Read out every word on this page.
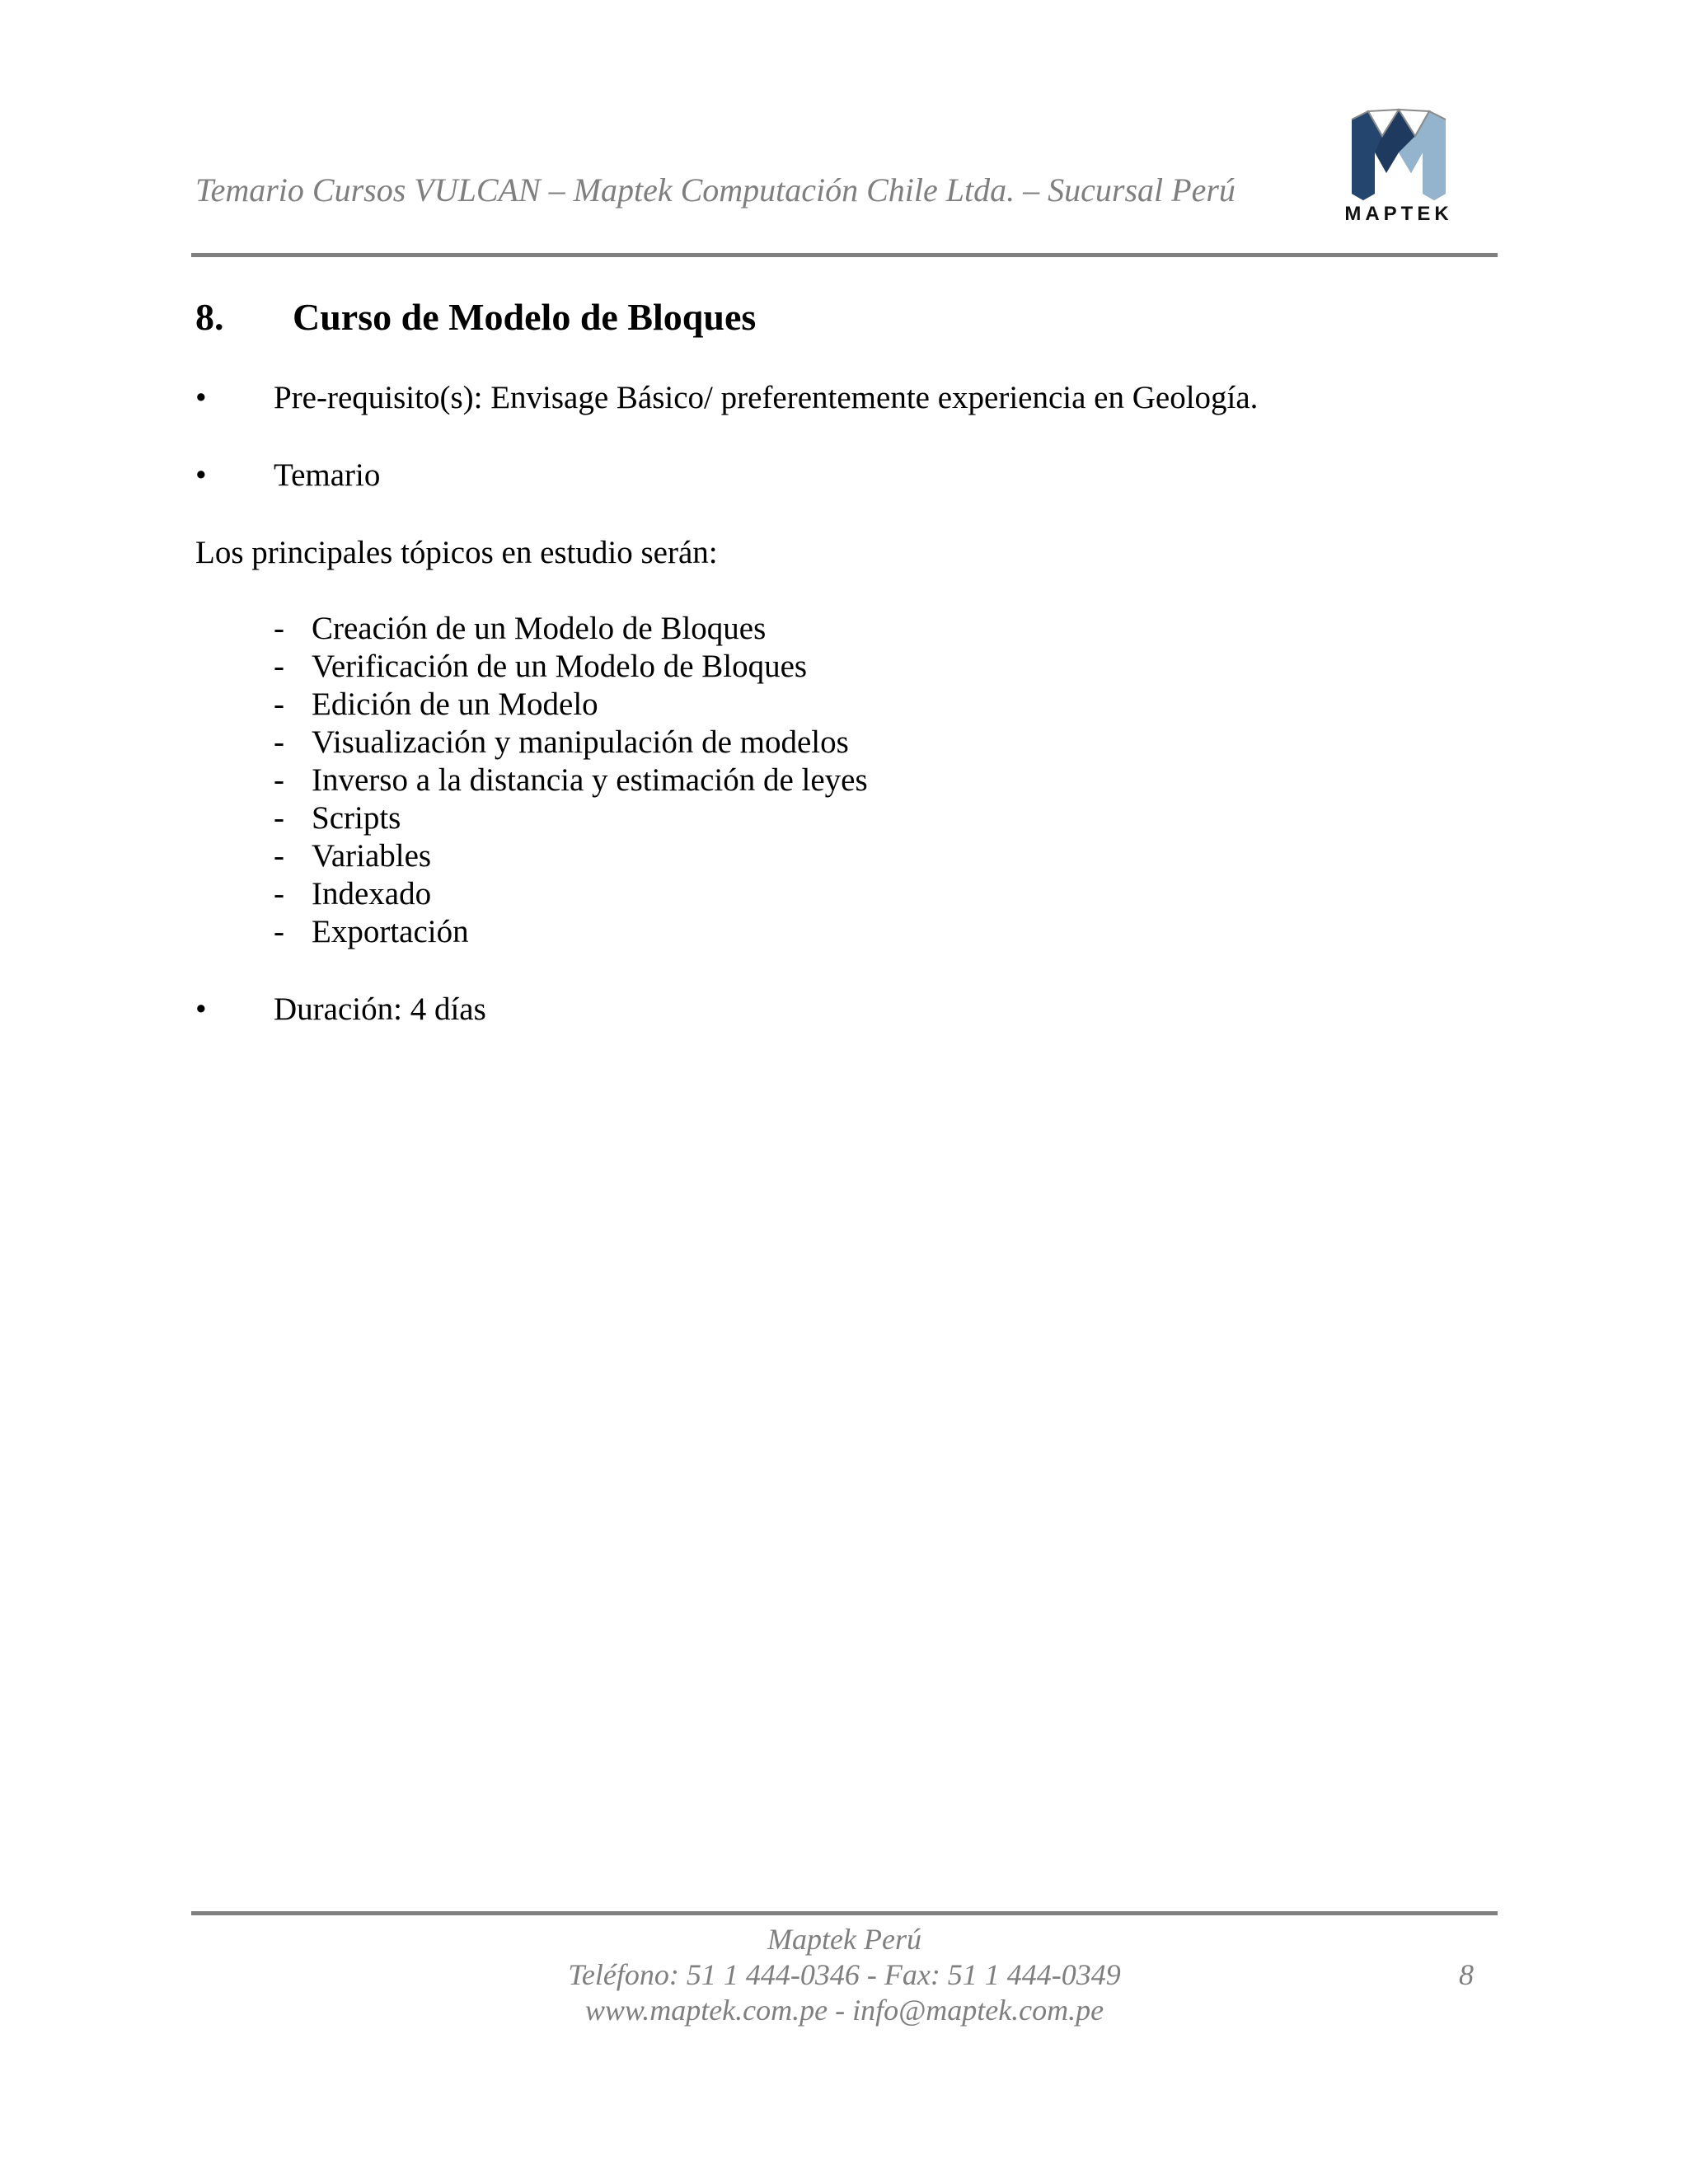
Temario Cursos VULCAN – Maptek Computación Chile Ltda. – Sucursal Perú
MAPTEK
8. Curso de Modelo de Bloques
• Pre-requisito(s): Envisage Básico/ preferentemente experiencia en Geología.
• Temario
Los principales tópicos en estudio serán:
- Creación de un Modelo de Bloques
- Verificación de un Modelo de Bloques
- Edición de un Modelo
- Visualización y manipulación de modelos
- Inverso a la distancia y estimación de leyes
- Scripts
- Variables
- Indexado
- Exportación
• Duración: 4 días
Maptek Perú
Teléfono: 51 1 444-0346 - Fax: 51 1 444-0349	8
www.maptek.com.pe - info@maptek.com.pe
